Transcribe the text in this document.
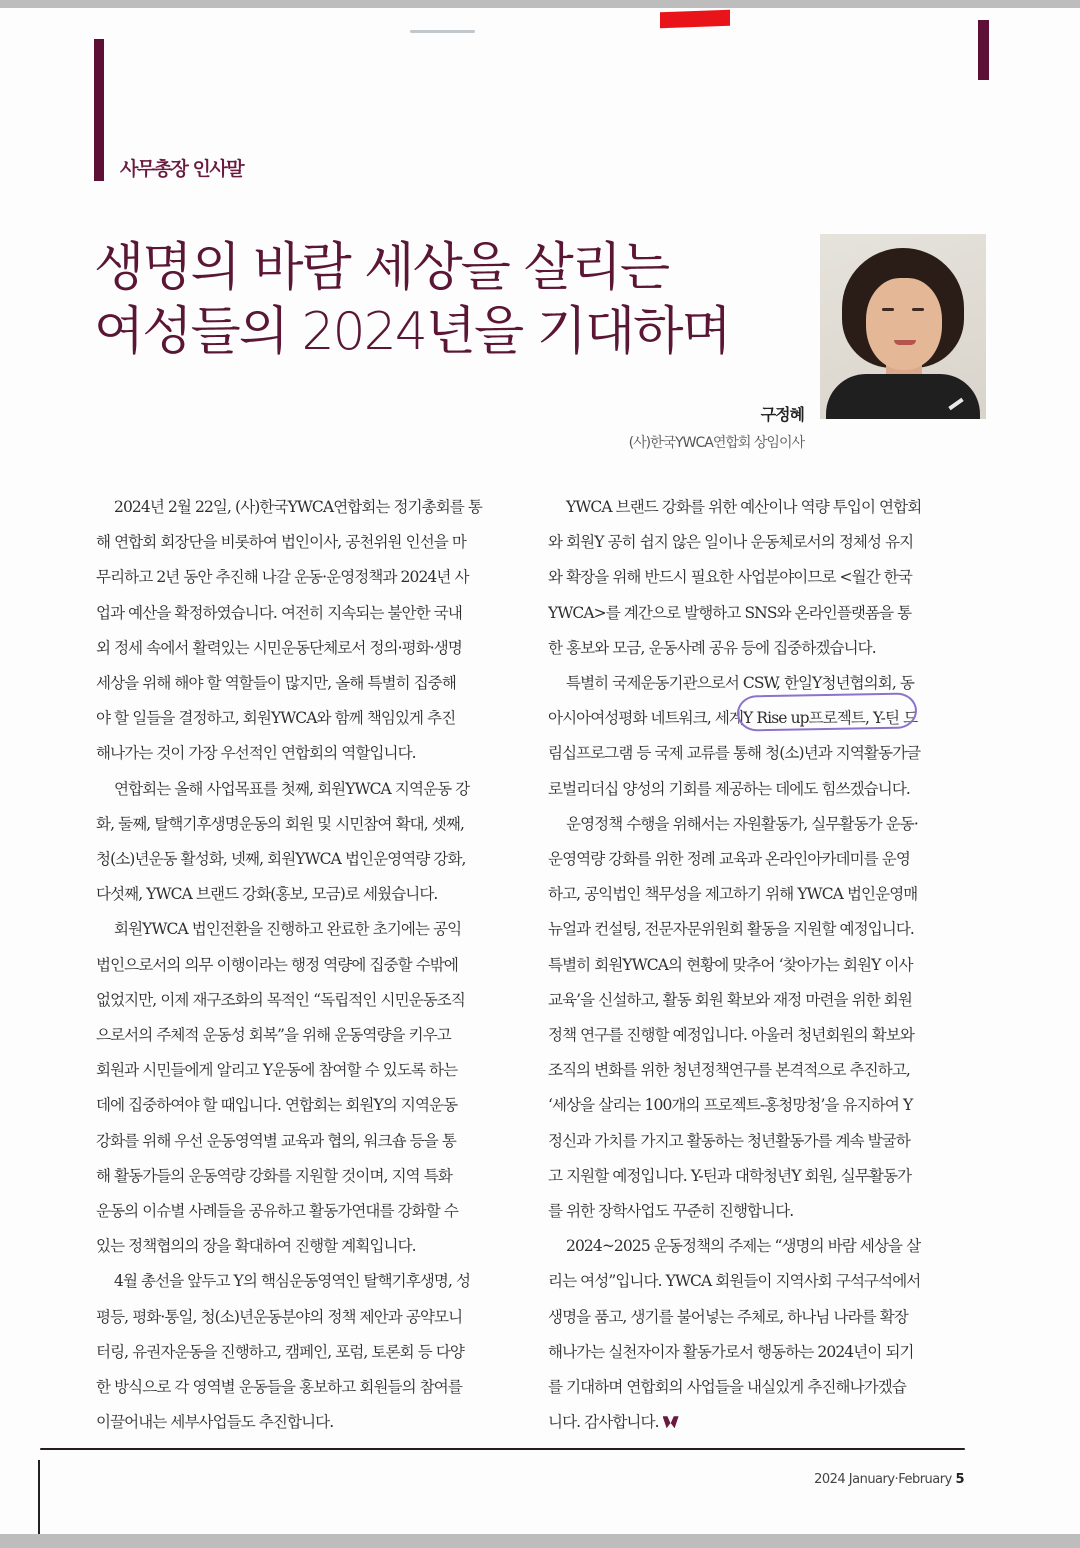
사무총장 인사말
생명의 바람 세상을 살리는
여성들의 2024년을 기대하며
구정혜
(사)한국YWCA연합회 상임이사

2024년 2월 22일, (사)한국YWCA연합회는 정기총회를 통
해 연합회 회장단을 비롯하여 법인이사, 공천위원 인선을 마
무리하고 2년 동안 추진해 나갈 운동·운영정책과 2024년 사
업과 예산을 확정하였습니다. 여전히 지속되는 불안한 국내
외 정세 속에서 활력있는 시민운동단체로서 정의·평화·생명
세상을 위해 해야 할 역할들이 많지만, 올해 특별히 집중해
야 할 일들을 결정하고, 회원YWCA와 함께 책임있게 추진
해나가는 것이 가장 우선적인 연합회의 역할입니다.

연합회는 올해 사업목표를 첫째, 회원YWCA 지역운동 강
화, 둘째, 탈핵기후생명운동의 회원 및 시민참여 확대, 셋째,
청(소)년운동 활성화, 넷째, 회원YWCA 법인운영역량 강화,
다섯째, YWCA 브랜드 강화(홍보, 모금)로 세웠습니다.

회원YWCA 법인전환을 진행하고 완료한 초기에는 공익
법인으로서의 의무 이행이라는 행정 역량에 집중할 수밖에
없었지만, 이제 재구조화의 목적인 “독립적인 시민운동조직
으로서의 주체적 운동성 회복”을 위해 운동역량을 키우고
회원과 시민들에게 알리고 Y운동에 참여할 수 있도록 하는
데에 집중하여야 할 때입니다. 연합회는 회원Y의 지역운동
강화를 위해 우선 운동영역별 교육과 협의, 워크숍 등을 통
해 활동가들의 운동역량 강화를 지원할 것이며, 지역 특화
운동의 이슈별 사례들을 공유하고 활동가연대를 강화할 수
있는 정책협의의 장을 확대하여 진행할 계획입니다.

4월 총선을 앞두고 Y의 핵심운동영역인 탈핵기후생명, 성
평등, 평화·통일, 청(소)년운동분야의 정책 제안과 공약모니
터링, 유권자운동을 진행하고, 캠페인, 포럼, 토론회 등 다양
한 방식으로 각 영역별 운동들을 홍보하고 회원들의 참여를
이끌어내는 세부사업들도 추진합니다.

YWCA 브랜드 강화를 위한 예산이나 역량 투입이 연합회
와 회원Y 공히 쉽지 않은 일이나 운동체로서의 정체성 유지
와 확장을 위해 반드시 필요한 사업분야이므로 <월간 한국
YWCA>를 계간으로 발행하고 SNS와 온라인플랫폼을 통
한 홍보와 모금, 운동사례 공유 등에 집중하겠습니다.

특별히 국제운동기관으로서 CSW, 한일Y청년협의회, 동
아시아여성평화 네트워크, 세계Y Rise up프로젝트, Y-틴 드
림십프로그램 등 국제 교류를 통해 청(소)년과 지역활동가글
로벌리더십 양성의 기회를 제공하는 데에도 힘쓰겠습니다.

운영정책 수행을 위해서는 자원활동가, 실무활동가 운동·
운영역량 강화를 위한 정례 교육과 온라인아카데미를 운영
하고, 공익법인 책무성을 제고하기 위해 YWCA 법인운영매
뉴얼과 컨설팅, 전문자문위원회 활동을 지원할 예정입니다.
특별히 회원YWCA의 현황에 맞추어 ‘찾아가는 회원Y 이사
교육’을 신설하고, 활동 회원 확보와 재정 마련을 위한 회원
정책 연구를 진행할 예정입니다. 아울러 청년회원의 확보와
조직의 변화를 위한 청년정책연구를 본격적으로 추진하고,
‘세상을 살리는 100개의 프로젝트-홍청망청’을 유지하여 Y
정신과 가치를 가지고 활동하는 청년활동가를 계속 발굴하
고 지원할 예정입니다. Y-틴과 대학청년Y 회원, 실무활동가
를 위한 장학사업도 꾸준히 진행합니다.

2024~2025 운동정책의 주제는 “생명의 바람 세상을 살
리는 여성”입니다. YWCA 회원들이 지역사회 구석구석에서
생명을 품고, 생기를 불어넣는 주체로, 하나님 나라를 확장
해나가는 실천자이자 활동가로서 행동하는 2024년이 되기
를 기대하며 연합회의 사업들을 내실있게 추진해나가겠습
니다. 감사합니다.

2024 January·February 5
